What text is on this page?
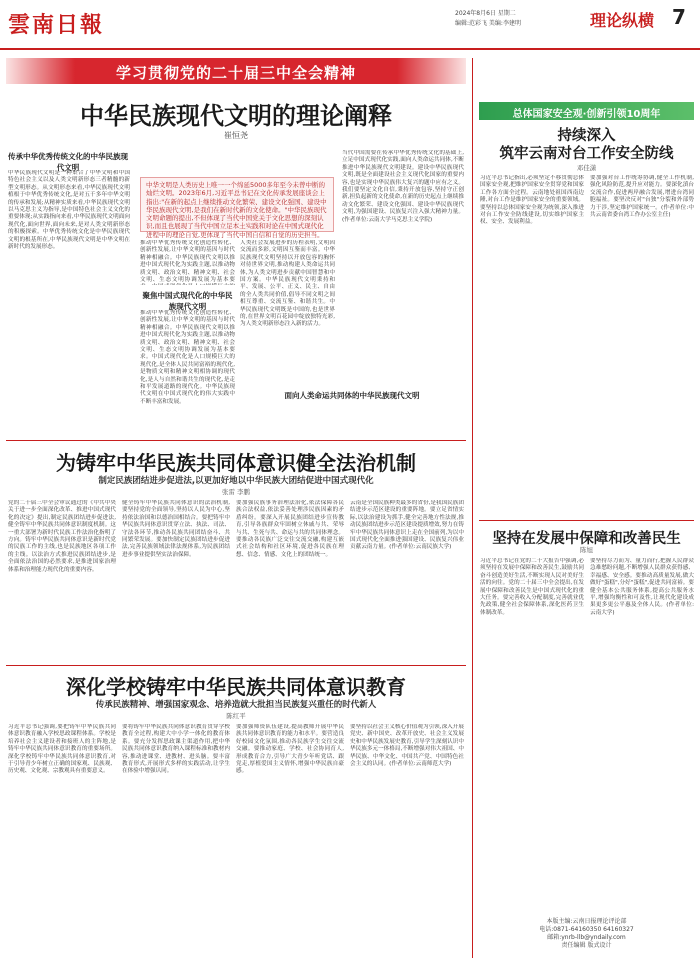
雲南日報	2024年8月6日 星期二
编辑:范彩飞 美编:李建明	理论纵横 7
学习贯彻党的二十届三中全会精神
中华民族现代文明的理论阐释
崔恒尧
传承中华优秀传统文化的中华民族现代文明
中华民族现代文明是一种集合了中华文明和中国特色社会主义以及人类文明新形态三者精髓的新型文明形态。从文明形态来看,中华民族现代文明植根于中华优秀传统文化,是对五千多年中华文明的传承和发展;从精神实质来看,中华民族现代文明以马克思主义为指导,是中国特色社会主义文化的重要体现;从实践指向来看,中华民族现代文明面向现代化,面向世界,面向未来,是对人类文明新形态的积极探索。中华优秀传统文化是中华民族现代文明的根基所在,中华民族现代文明是中华文明在新时代的发展形态。

中华文明是人类历史上唯一一个绵延5000多年至今未曾中断的灿烂文明。2023年6月,习近平总书记在文化传承发展座谈会上指出:"在新的起点上继续推动文化繁荣、建设文化强国、建设中华民族现代文明,是我们在新时代新的文化使命。"中华民族现代文明命题的提出,不但体现了当代中国党关于文化思想的深刻认识,而且也展现了当代中国立足本土实践和对论在中国式现代化进程中的理论自觉,更体现了当代中国自信和自觉的历史担当。

聚焦中国式现代化的中华民族现代文明
推动中华优秀传统文化创造性转化、创新性发展,让中华文明的基因与时代精神相融合。中华民族现代文明以推进中国式现代化为实践主题,以推动物质文明、政治文明、精神文明、社会文明、生态文明协调发展为基本要
推动中华优秀传统文化创造性转化、创新性发展,让中华文明的基因与时代精神相融合。中华民族现代文明以推进中国式现代化为实践主题,以推动物质文明、政治文明、精神文明、社会文明、生态文明协调发展为基本要求。中国式现代化是人口规模巨大的现代化,是全体人民共同富裕的现代化,是物质文明和精神文明相协调的现代化,是人与自然和谐共生的现代化,是走和平发展道路的现代化。中华民族现代文明在中国式现代化的伟大实践中不断丰富和发展。
人类社会发展进步的历程表明,文明因交流而多彩,文明因互鉴而丰富。中华民族现代文明坚持以开放包容的胸怀对待世界文明,推动构建人类命运共同体,为人类文明进步贡献中国智慧和中国方案。中华民族现代文明秉持和平、发展、公平、正义、民主、自由的全人类共同价值,倡导不同文明之间相互尊重、交流互鉴、和谐共生。中华民族现代文明既是中国的,也是世界的,在世界文明百花园中绽放独特光彩,为人类文明新形态注入新的活力。
当代中国需要在传承中华优秀传统文化的基础上,立足中国式现代化实践,面向人类命运共同体,不断推进中华民族现代文明建设。建设中华民族现代文明,既是全面建设社会主义现代化国家的重要内容,也是实现中华民族伟大复兴的题中应有之义。我们要坚定文化自信,秉持开放包容,坚持守正创新,担负起新的文化使命,在新的历史起点上继续推动文化繁荣、建设文化强国、建设中华民族现代文明,为强国建设、民族复兴注入强大精神力量。(作者单位:云南大学马克思主义学院)
面向人类命运共同体的中华民族现代文明
为铸牢中华民族共同体意识健全法治机制
制定民族团结进步促进法,以更加好地以中华民族大团结促进中国式现代化
张雷 李鹏
党的二十届三中全会审议通过的《中共中央关于进一步全面深化改革、推进中国式现代化的决定》提出,制定民族团结进步促进法,健全铸牢中华民族共同体意识制度机制。这一重大部署为新时代民族工作法治化指明了方向。铸牢中华民族共同体意识是新时代党的民族工作的主线,也是民族地区各项工作的主线。以法治方式推进民族团结进步,是全面依法治国的必然要求,是推进国家治理体系和治理能力现代化的重要内容。
健全铸牢中华民族共同体意识的法治机制,要坚持党的全面领导,坚持以人民为中心,坚持依法治国和以德治国相结合。要把铸牢中华民族共同体意识贯穿立法、执法、司法、守法各环节,推动各民族共同团结奋斗、共同繁荣发展。要加快制定民族团结进步促进法,完善民族领域法律法规体系,为民族团结进步事业提供坚实法治保障。
要加强民族事务治理法治化,依法保障各民族合法权益,依法妥善处理涉民族因素的矛盾纠纷。要深入开展民族团结进步宣传教育,引导各族群众牢固树立休戚与共、荣辱与共、生死与共、命运与共的共同体理念。要推动各民族广泛交往交流交融,构建互嵌式社会结构和社区环境,促进各民族在理想、信念、情感、文化上的团结统一。
云南是全国民族种类最多的省份,是我国民族团结进步示范区建设的重要阵地。要立足省情实际,以法治建设为抓手,健全完善地方性法规,推动民族团结进步示范区建设提质增效,努力在铸牢中华民族共同体意识上走在全国前列,为以中国式现代化全面推进强国建设、民族复兴伟业贡献云南力量。(作者单位:云南民族大学)
深化学校铸牢中华民族共同体意识教育
传承民族精神、增强国家观念、培养造就大批担当民族复兴重任的时代新人
陈红平
习近平总书记强调,要把铸牢中华民族共同体意识教育融入学校思政课程体系。学校是培养社会主义建设者和接班人的主阵地,是铸牢中华民族共同体意识教育的重要场所。深化学校铸牢中华民族共同体意识教育,对于引导青少年树立正确的国家观、民族观、历史观、文化观、宗教观具有重要意义。
要将铸牢中华民族共同体意识教育贯穿学校教育全过程,构建大中小学一体化的教育体系。要充分发挥思政课主渠道作用,把中华民族共同体意识教育纳入课程标准和教材内容,推动进课堂、进教材、进头脑。要丰富教育形式,开展形式多样的实践活动,让学生在体验中增强认同。
要加强师资队伍建设,提高教师开展中华民族共同体意识教育的能力和水平。要营造良好校园文化氛围,推动各民族学生交往交流交融。要推动家庭、学校、社会协同育人,形成教育合力,引导广大青少年听党话、跟党走,厚植爱国主义情怀,增强中华民族自豪感。
要坚持以社会主义核心价值观为引领,深入开展党史、新中国史、改革开放史、社会主义发展史和中华民族发展史教育,引导学生深刻认识中华民族多元一体格局,不断增强对伟大祖国、中华民族、中华文化、中国共产党、中国特色社会主义的认同。(作者单位:云南师范大学)
总体国家安全观·创新引领10周年
持续深入
筑牢云南对台工作安全防线
邓佳潇
习近平总书记指出,必须坚定不移贯彻总体国家安全观,把维护国家安全贯穿党和国家工作各方面全过程。云南地处祖国西南边陲,对台工作是维护国家安全的重要领域。要坚持以总体国家安全观为统领,深入推进对台工作安全防线建设,切实维护国家主权、安全、发展利益。
要加强对台工作统筹协调,健全工作机制,强化风险防范,提升应对能力。要深化滇台交流合作,促进两岸融合发展,增进台湾同胞福祉。要坚决反对"台独"分裂和外部势力干涉,坚定维护国家统一。(作者单位:中共云南省委台湾工作办公室主任)
坚持在发展中保障和改善民生
陈旭
习近平总书记在党的二十大报告中强调,必须坚持在发展中保障和改善民生,鼓励共同奋斗创造美好生活,不断实现人民对美好生活的向往。党的二十届三中全会提出,在发展中保障和改善民生是中国式现代化的重大任务。要完善收入分配制度,完善就业优先政策,健全社会保障体系,深化医药卫生体制改革。
要坚持尽力而为、量力而行,把握人民群众急难愁盼问题,不断增强人民群众获得感、幸福感、安全感。要推动高质量发展,做大做好"蛋糕",分好"蛋糕",促进共同富裕。要健全基本公共服务体系,提高公共服务水平,增强均衡性和可及性,让现代化建设成果更多更公平惠及全体人民。(作者单位:云南大学)
本版主编:云南日报理论评论部
电话:0871-64160350 64160327
邮箱:ynrb-llb@yndaily.com
责任编辑 版式设计
